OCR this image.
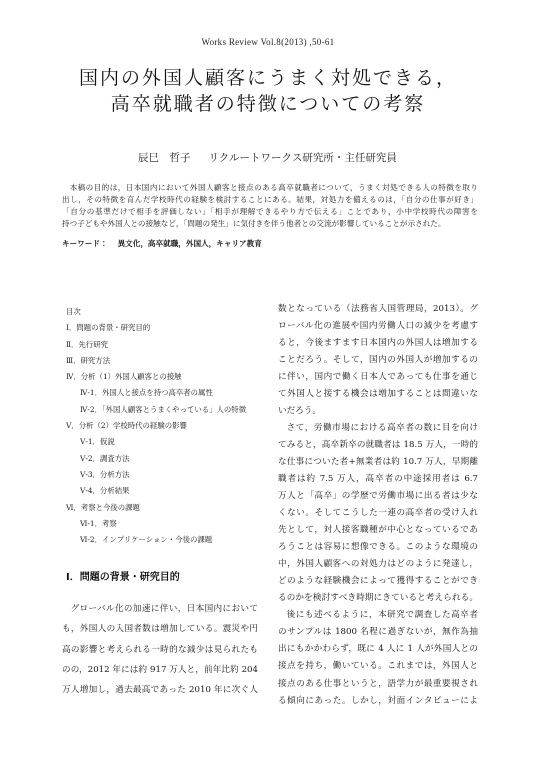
Works Review Vol.8(2013) ,50-61
国内の外国人顧客にうまく対処できる，
高卒就職者の特徴についての考察
辰巳　哲子 リクルートワークス研究所・主任研究員
本稿の目的は，日本国内において外国人顧客と接点のある高卒就職者について，うまく対処できる人の特徴を取り
出し，その特徴を育んだ学校時代の経験を検討することにある。結果，対処力を備えるのは，「自分の仕事が好き」
「自分の基準だけで相手を評価しない」「相手が理解できるやり方で伝える」ことであり，小中学校時代の障害を
持つ子どもや外国人との接触など，「問題の発生」に気付きを伴う他者との交流が影響していることが示された。
キーワード： 異文化，高卒就職，外国人，キャリア教育
目次
Ⅰ．問題の背景・研究目的
Ⅱ．先行研究
Ⅲ．研究方法
Ⅳ．分析（1）外国人顧客との接触
Ⅳ-1．外国人と接点を持つ高卒者の属性
Ⅳ-2．「外国人顧客とうまくやっている」人の特徴
Ⅴ．分析（2）学校時代の経験の影響
Ⅴ-1．仮説
Ⅴ-2．調査方法
Ⅴ-3．分析方法
Ⅴ-4．分析結果
Ⅵ．考察と今後の課題
Ⅵ-1．考察
Ⅵ-2．インプリケーション・今後の課題
Ⅰ．問題の背景・研究目的
グローバル化の加速に伴い，日本国内において
も，外国人の入国者数は増加している。震災や円
高の影響と考えられる一時的な減少は見られたも
のの，2012 年には約 917 万人と，前年比約 204
万人増加し，過去最高であった 2010 年に次ぐ人
数となっている（法務省入国管理局，2013）。グ
ローバル化の進展や国内労働人口の減少を考慮す
ると，今後ますます日本国内の外国人は増加する
ことだろう。そして，国内の外国人が増加するの
に伴い，国内で働く日本人であっても仕事を通じ
て外国人と接する機会は増加することは間違いな
いだろう。
さて，労働市場における高卒者の数に目を向け
てみると，高卒新卒の就職者は 18.5 万人，一時的
な仕事についた者+無業者は約 10.7 万人，早期離
職者は約 7.5 万人，高卒者の中途採用者は 6.7
万人と「高卒」の学歴で労働市場に出る者は少な
くない。そしてこうした一連の高卒者の受け入れ
先として，対人接客職種が中心となっているであ
ろうことは容易に想像できる。このような環境の
中，外国人顧客への対処力はどのように発達し，
どのような経験機会によって獲得することができ
るのかを検討すべき時期にきていると考えられる。
後にも述べるように，本研究で調査した高卒者
のサンプルは 1800 名程に過ぎないが，無作為抽
出にもかかわらず，既に 4 人に 1 人が外国人との
接点を持ち，働いている。これまでは，外国人と
接点のある仕事というと，語学力が最重要視され
る傾向にあった。しかし，対面インタビューによ
